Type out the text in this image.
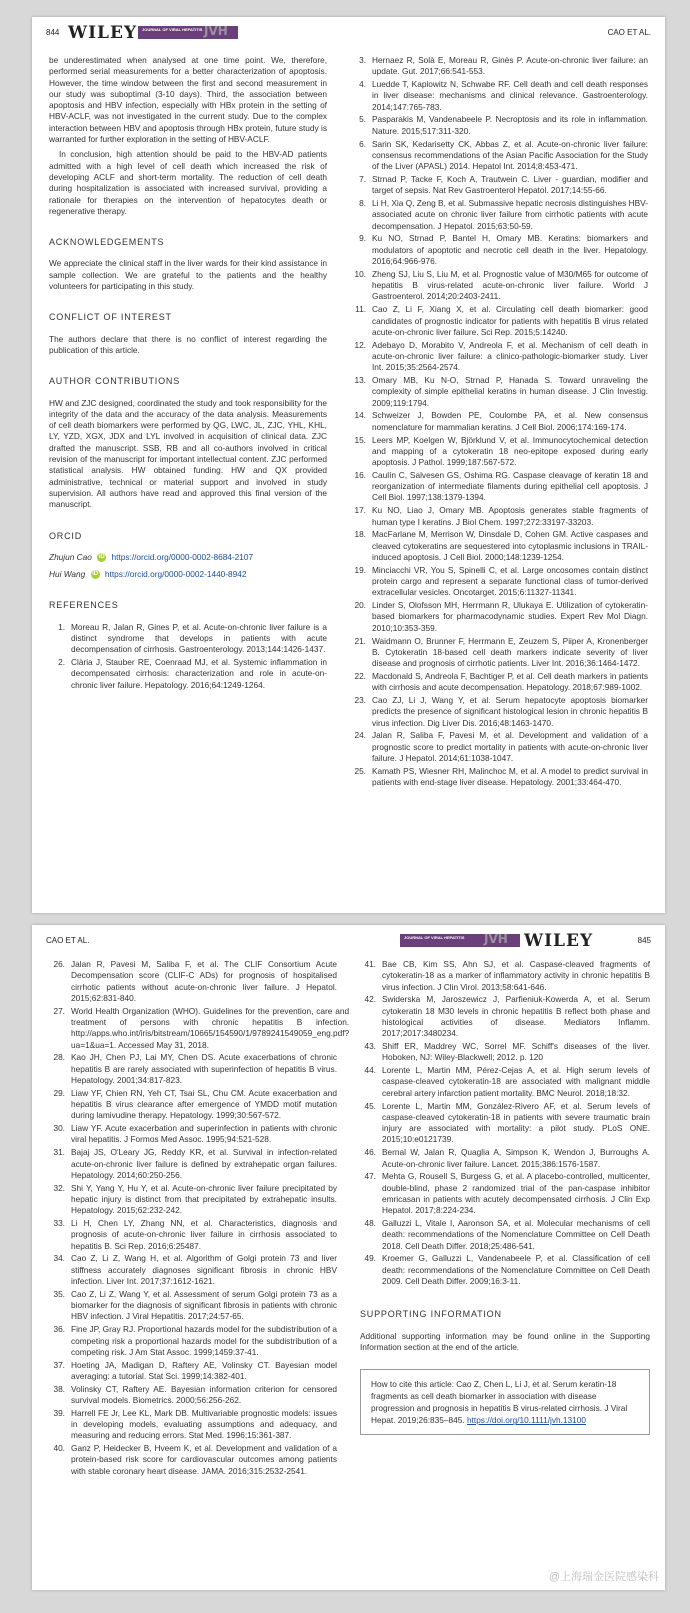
844 WILEY	JOURNAL OF VIRAL HEPATITIS JVH	CAO ET AL.

be underestimated when analysed at one time point. We, therefore, performed serial measurements for a better characterization of apoptosis. However, the time window between the first and second measurement in our study was suboptimal (3-10 days). Third, the association between apoptosis and HBV infection, especially with HBx protein in the setting of HBV-ACLF, was not investigated in the current study. Due to the complex interaction between HBV and apoptosis through HBx protein, future study is warranted for further exploration in the setting of HBV-ACLF.

In conclusion, high attention should be paid to the HBV-AD patients admitted with a high level of cell death which increased the risk of developing ACLF and short-term mortality. The reduction of cell death during hospitalization is associated with increased survival, providing a rationale for therapies on the intervention of hepatocytes death or regenerative therapy.

ACKNOWLEDGEMENTS

We appreciate the clinical staff in the liver wards for their kind assistance in sample collection. We are grateful to the patients and the healthy volunteers for participating in this study.

CONFLICT OF INTEREST

The authors declare that there is no conflict of interest regarding the publication of this article.

AUTHOR CONTRIBUTIONS

HW and ZJC designed, coordinated the study and took responsibility for the integrity of the data and the accuracy of the data analysis. Measurements of cell death biomarkers were performed by QG, LWC, JL, ZJC, YHL, KHL, LY, YZD, XGX, JDX and LYL involved in acquisition of clinical data. ZJC drafted the manuscript. SSB, RB and all co-authors involved in critical revision of the manuscript for important intellectual content. ZJC performed statistical analysis. HW obtained funding. HW and QX provided administrative, technical or material support and involved in study supervision. All authors have read and approved this final version of the manuscript.

ORCID
Zhujun Cao iD https://orcid.org/0000-0002-8684-2107
Hui Wang iD https://orcid.org/0000-0002-1440-8942
REFERENCES
1. Moreau R, Jalan R, Gines P, et al. Acute-on-chronic liver failure is a distinct syndrome that develops in patients with acute decompensation of cirrhosis. Gastroenterology. 2013;144:1426-1437.
2. Clària J, Stauber RE, Coenraad MJ, et al. Systemic inflammation in decompensated cirrhosis: characterization and role in acute-on-chronic liver failure. Hepatology. 2016;64:1249-1264.
3. Hernaez R, Solà E, Moreau R, Ginès P. Acute-on-chronic liver failure: an update. Gut. 2017;66:541-553.
4. Luedde T, Kaplowitz N, Schwabe RF. Cell death and cell death responses in liver disease: mechanisms and clinical relevance. Gastroenterology. 2014;147:765-783.
5. Pasparakis M, Vandenabeele P. Necroptosis and its role in inflammation. Nature. 2015;517:311-320.
6. Sarin SK, Kedarisetty CK, Abbas Z, et al. Acute-on-chronic liver failure: consensus recommendations of the Asian Pacific Association for the Study of the Liver (APASL) 2014. Hepatol Int. 2014;8:453-471.
7. Strnad P, Tacke F, Koch A, Trautwein C. Liver - guardian, modifier and target of sepsis. Nat Rev Gastroenterol Hepatol. 2017;14:55-66.
8. Li H, Xia Q, Zeng B, et al. Submassive hepatic necrosis distinguishes HBV-associated acute on chronic liver failure from cirrhotic patients with acute decompensation. J Hepatol. 2015;63:50-59.
9. Ku NO, Strnad P, Bantel H, Omary MB. Keratins: biomarkers and modulators of apoptotic and necrotic cell death in the liver. Hepatology. 2016;64:966-976.
10. Zheng SJ, Liu S, Liu M, et al. Prognostic value of M30/M65 for outcome of hepatitis B virus-related acute-on-chronic liver failure. World J Gastroenterol. 2014;20:2403-2411.
11. Cao Z, Li F, Xiang X, et al. Circulating cell death biomarker: good candidates of prognostic indicator for patients with hepatitis B virus related acute-on-chronic liver failure. Sci Rep. 2015;5:14240.
12. Adebayo D, Morabito V, Andreola F, et al. Mechanism of cell death in acute-on-chronic liver failure: a clinico-pathologic-biomarker study. Liver Int. 2015;35:2564-2574.
13. Omary MB, Ku N-O, Strnad P, Hanada S. Toward unraveling the complexity of simple epithelial keratins in human disease. J Clin Investig. 2009;119:1794.
14. Schweizer J, Bowden PE, Coulombe PA, et al. New consensus nomenclature for mammalian keratins. J Cell Biol. 2006;174:169-174.
15. Leers MP, Koelgen W, Björklund V, et al. Immunocytochemical detection and mapping of a cytokeratin 18 neo-epitope exposed during early apoptosis. J Pathol. 1999;187:567-572.
16. Caulín C, Salvesen GS, Oshima RG. Caspase cleavage of keratin 18 and reorganization of intermediate filaments during epithelial cell apoptosis. J Cell Biol. 1997;138:1379-1394.
17. Ku NO, Liao J, Omary MB. Apoptosis generates stable fragments of human type I keratins. J Biol Chem. 1997;272:33197-33203.
18. MacFarlane M, Merrison W, Dinsdale D, Cohen GM. Active caspases and cleaved cytokeratins are sequestered into cytoplasmic inclusions in TRAIL-induced apoptosis. J Cell Biol. 2000;148:1239-1254.
19. Minciacchi VR, You S, Spinelli C, et al. Large oncosomes contain distinct protein cargo and represent a separate functional class of tumor-derived extracellular vesicles. Oncotarget. 2015;6:11327-11341.
20. Linder S, Olofsson MH, Herrmann R, Ulukaya E. Utilization of cytokeratin-based biomarkers for pharmacodynamic studies. Expert Rev Mol Diagn. 2010;10:353-359.
21. Waidmann O, Brunner F, Herrmann E, Zeuzem S, Piiper A, Kronenberger B. Cytokeratin 18-based cell death markers indicate severity of liver disease and prognosis of cirrhotic patients. Liver Int. 2016;36:1464-1472.
22. Macdonald S, Andreola F, Bachtiger P, et al. Cell death markers in patients with cirrhosis and acute decompensation. Hepatology. 2018;67:989-1002.
23. Cao ZJ, Li J, Wang Y, et al. Serum hepatocyte apoptosis biomarker predicts the presence of significant histological lesion in chronic hepatitis B virus infection. Dig Liver Dis. 2016;48:1463-1470.
24. Jalan R, Saliba F, Pavesi M, et al. Development and validation of a prognostic score to predict mortality in patients with acute-on-chronic liver failure. J Hepatol. 2014;61:1038-1047.
25. Kamath PS, Wiesner RH, Malinchoc M, et al. A model to predict survival in patients with end-stage liver disease. Hepatology. 2001;33:464-470.
CAO ET AL.	JOURNAL OF VIRAL HEPATITIS	JVH WILEY	845
26. Jalan R, Pavesi M, Saliba F, et al. The CLIF Consortium Acute Decompensation score (CLIF-C ADs) for prognosis of hospitalised cirrhotic patients without acute-on-chronic liver failure. J Hepatol. 2015;62:831-840.
27. World Health Organization (WHO). Guidelines for the prevention, care and treatment of persons with chronic hepatitis B infection. http://apps.who.int/iris/bitstream/10665/154590/1/9789241549059_eng.pdf?ua=1&ua=1. Accessed May 31, 2018.
28. Kao JH, Chen PJ, Lai MY, Chen DS. Acute exacerbations of chronic hepatitis B are rarely associated with superinfection of hepatitis B virus. Hepatology. 2001;34:817-823.
29. Liaw YF, Chien RN, Yeh CT, Tsai SL, Chu CM. Acute exacerbation and hepatitis B virus clearance after emergence of YMDD motif mutation during lamivudine therapy. Hepatology. 1999;30:567-572.
30. Liaw YF. Acute exacerbation and superinfection in patients with chronic viral hepatitis. J Formos Med Assoc. 1995;94:521-528.
31. Bajaj JS, O'Leary JG, Reddy KR, et al. Survival in infection-related acute-on-chronic liver failure is defined by extrahepatic organ failures. Hepatology. 2014;60:250-256.
32. Shi Y, Yang Y, Hu Y, et al. Acute-on-chronic liver failure precipitated by hepatic injury is distinct from that precipitated by extrahepatic insults. Hepatology. 2015;62:232-242.
33. Li H, Chen LY, Zhang NN, et al. Characteristics, diagnosis and prognosis of acute-on-chronic liver failure in cirrhosis associated to hepatitis B. Sci Rep. 2016;6:25487.
34. Cao Z, Li Z, Wang H, et al. Algorithm of Golgi protein 73 and liver stiffness accurately diagnoses significant fibrosis in chronic HBV infection. Liver Int. 2017;37:1612-1621.
35. Cao Z, Li Z, Wang Y, et al. Assessment of serum Golgi protein 73 as a biomarker for the diagnosis of significant fibrosis in patients with chronic HBV infection. J Viral Hepatitis. 2017;24:57-65.
36. Fine JP, Gray RJ. Proportional hazards model for the subdistribution of a competing risk a proportional hazards model for the subdistribution of a competing risk. J Am Stat Assoc. 1999;1459:37-41.
37. Hoeting JA, Madigan D, Raftery AE, Volinsky CT. Bayesian model averaging: a tutorial. Stat Sci. 1999;14:382-401.
38. Volinsky CT, Raftery AE. Bayesian information criterion for censored survival models. Biometrics. 2000;56:256-262.
39. Harrell FE Jr, Lee KL, Mark DB. Multivariable prognostic models: issues in developing models, evaluating assumptions and adequacy, and measuring and reducing errors. Stat Med. 1996;15:361-387.
40. Ganz P, Heidecker B, Hveem K, et al. Development and validation of a protein-based risk score for cardiovascular outcomes among patients with stable coronary heart disease. JAMA. 2016;315:2532-2541.
41. Bae CB, Kim SS, Ahn SJ, et al. Caspase-cleaved fragments of cytokeratin-18 as a marker of inflammatory activity in chronic hepatitis B virus infection. J Clin Virol. 2013;58:641-646.
42. Swiderska M, Jaroszewicz J, Parfieniuk-Kowerda A, et al. Serum cytokeratin 18 M30 levels in chronic hepatitis B reflect both phase and histological activities of disease. Mediators Inflamm. 2017;2017:3480234.
43. Shiff ER, Maddrey WC, Sorrel MF. Schiff's diseases of the liver. Hoboken, NJ: Wiley-Blackwell; 2012. p. 120
44. Lorente L, Martin MM, Pérez-Cejas A, et al. High serum levels of caspase-cleaved cytokeratin-18 are associated with malignant middle cerebral artery infarction patient mortality. BMC Neurol. 2018;18:32.
45. Lorente L, Martin MM, González-Rivero AF, et al. Serum levels of caspase-cleaved cytokeratin-18 in patients with severe traumatic brain injury are associated with mortality: a pilot study. PLoS ONE. 2015;10:e0121739.
46. Bernal W, Jalan R, Quaglia A, Simpson K, Wendon J, Burroughs A. Acute-on-chronic liver failure. Lancet. 2015;386:1576-1587.
47. Mehta G, Rousell S, Burgess G, et al. A placebo-controlled, multicenter, double-blind, phase 2 randomized trial of the pan-caspase inhibitor emricasan in patients with acutely decompensated cirrhosis. J Clin Exp Hepatol. 2017;8:224-234.
48. Galluzzi L, Vitale I, Aaronson SA, et al. Molecular mechanisms of cell death: recommendations of the Nomenclature Committee on Cell Death 2018. Cell Death Differ. 2018;25:486-541.
49. Kroemer G, Galluzzi L, Vandenabeele P, et al. Classification of cell death: recommendations of the Nomenclature Committee on Cell Death 2009. Cell Death Differ. 2009;16:3-11.
SUPPORTING INFORMATION

Additional supporting information may be found online in the Supporting Information section at the end of the article.

How to cite this article: Cao Z, Chen L, Li J, et al. Serum keratin-18 fragments as cell death biomarker in association with disease progression and prognosis in hepatitis B virus-related cirrhosis. J Viral Hepat. 2019;26:835–845. https://doi.org/10.1111/jvh.13100
@上海瑞金医院感染科
